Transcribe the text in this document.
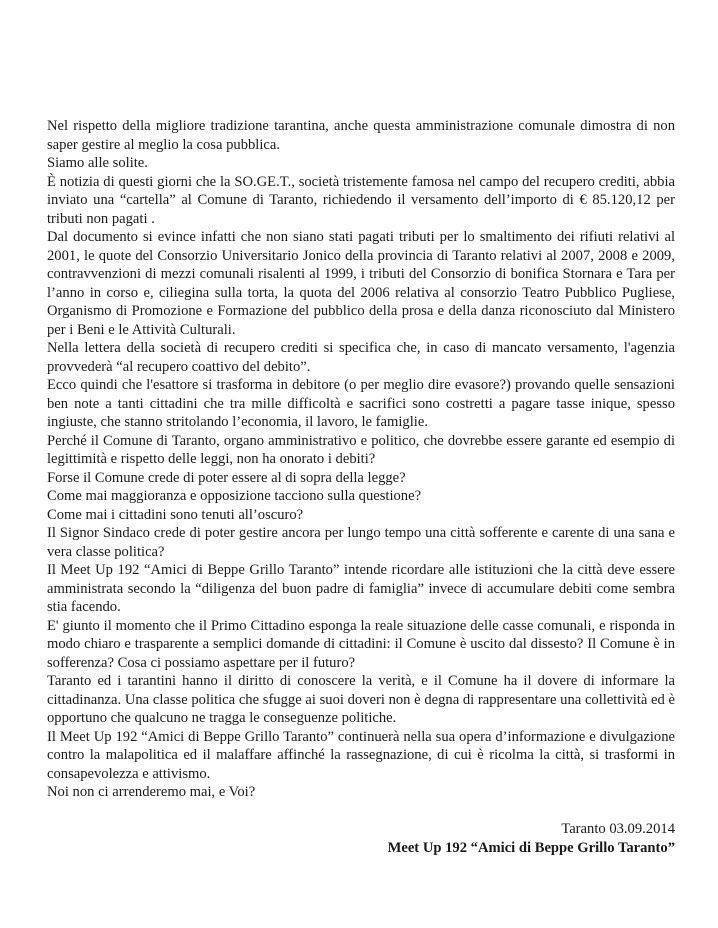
Nel rispetto della migliore tradizione tarantina, anche questa amministrazione comunale dimostra di non saper gestire al meglio la cosa pubblica.

Siamo alle solite.

È notizia di questi giorni che la SO.GE.T., società tristemente famosa nel campo del recupero crediti, abbia inviato una “cartella” al Comune di Taranto, richiedendo il versamento dell’importo di € 85.120,12 per tributi non pagati .

Dal documento si evince infatti che non siano stati pagati tributi per lo smaltimento dei rifiuti relativi al 2001, le quote del Consorzio Universitario Jonico della provincia di Taranto relativi al 2007, 2008 e 2009, contravvenzioni di mezzi comunali risalenti al 1999, i tributi del Consorzio di bonifica Stornara e Tara per l’anno in corso e, ciliegina sulla torta, la quota del 2006 relativa al consorzio Teatro Pubblico Pugliese, Organismo di Promozione e Formazione del pubblico della prosa e della danza riconosciuto dal Ministero per i Beni e le Attività Culturali.

Nella lettera della società di recupero crediti si specifica che, in caso di mancato versamento, l'agenzia provvederà “al recupero coattivo del debito”.

Ecco quindi che l'esattore si trasforma in debitore (o per meglio dire evasore?) provando quelle sensazioni ben note a tanti cittadini che tra mille difficoltà e sacrifici sono costretti a pagare tasse inique, spesso ingiuste, che stanno stritolando l’economia, il lavoro, le famiglie.

Perché il Comune di Taranto, organo amministrativo e politico, che dovrebbe essere garante ed esempio di legittimità e rispetto delle leggi, non ha onorato i debiti?

Forse il Comune crede di poter essere al di sopra della legge?

Come mai maggioranza e opposizione tacciono sulla questione?

Come mai i cittadini sono tenuti all’oscuro?

Il Signor Sindaco crede di poter gestire ancora per lungo tempo una città sofferente e carente di una sana e vera classe politica?

Il Meet Up 192 “Amici di Beppe Grillo Taranto” intende ricordare alle istituzioni che la città deve essere amministrata secondo la “diligenza del buon padre di famiglia” invece di accumulare debiti come sembra stia facendo.

E' giunto il momento che il Primo Cittadino esponga la reale situazione delle casse comunali, e risponda in modo chiaro e trasparente a semplici domande di cittadini: il Comune è uscito dal dissesto? Il Comune è in sofferenza? Cosa ci possiamo aspettare per il futuro?

Taranto ed i tarantini hanno il diritto di conoscere la verità, e il Comune ha il dovere di informare la cittadinanza. Una classe politica che sfugge ai suoi doveri non è degna di rappresentare una collettività ed è opportuno che qualcuno ne tragga le conseguenze politiche.

Il Meet Up 192 “Amici di Beppe Grillo Taranto” continuerà nella sua opera d’informazione e divulgazione contro la malapolitica ed il malaffare affinché la rassegnazione, di cui è ricolma la città, si trasformi in consapevolezza e attivismo.

Noi non ci arrenderemo mai, e Voi?

Taranto 03.09.2014

Meet Up 192 “Amici di Beppe Grillo Taranto”
